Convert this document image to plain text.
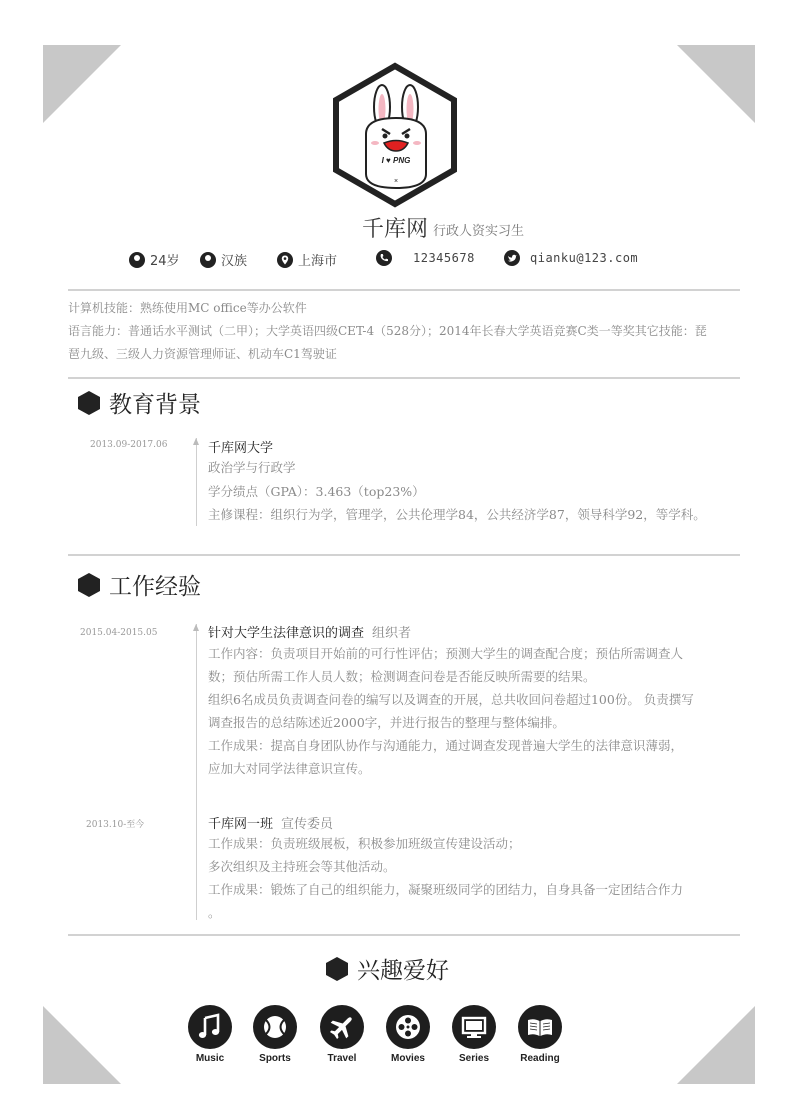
I ♥ PNG
×
千库网 行政人资实习生
24岁	汉族	上海市	12345678	qianku@123.com
计算机技能：熟练使用MC office等办公软件
语言能力：普通话水平测试（二甲）；大学英语四级CET-4（528分）；2014年长春大学英语竞赛C类一等奖其它技能：琵
琶九级、三级人力资源管理师证、机动车C1驾驶证
教育背景
2013.09-2017.06	千库网大学
政治学与行政学
学分绩点（GPA）：3.463（top23%）
主修课程：组织行为学，管理学，公共伦理学84，公共经济学87，领导科学92，等学科。
工作经验
2015.04-2015.05	针对大学生法律意识的调查 组织者
工作内容：负责项目开始前的可行性评估；预测大学生的调查配合度；预估所需调查人
数；预估所需工作人员人数；检测调查问卷是否能反映所需要的结果。
组织6名成员负责调查问卷的编写以及调查的开展，总共收回问卷超过100份。 负责撰写
调查报告的总结陈述近2000字，并进行报告的整理与整体编排。
工作成果：提高自身团队协作与沟通能力，通过调查发现普遍大学生的法律意识薄弱，
应加大对同学法律意识宣传。
2013.10-至今	千库网一班 宣传委员
工作成果：负责班级展板，积极参加班级宣传建设活动；
多次组织及主持班会等其他活动。
工作成果：锻炼了自己的组织能力，凝聚班级同学的团结力，自身具备一定团结合作力
。
兴趣爱好
Music	Sports	Travel	Movies	Series	Reading
